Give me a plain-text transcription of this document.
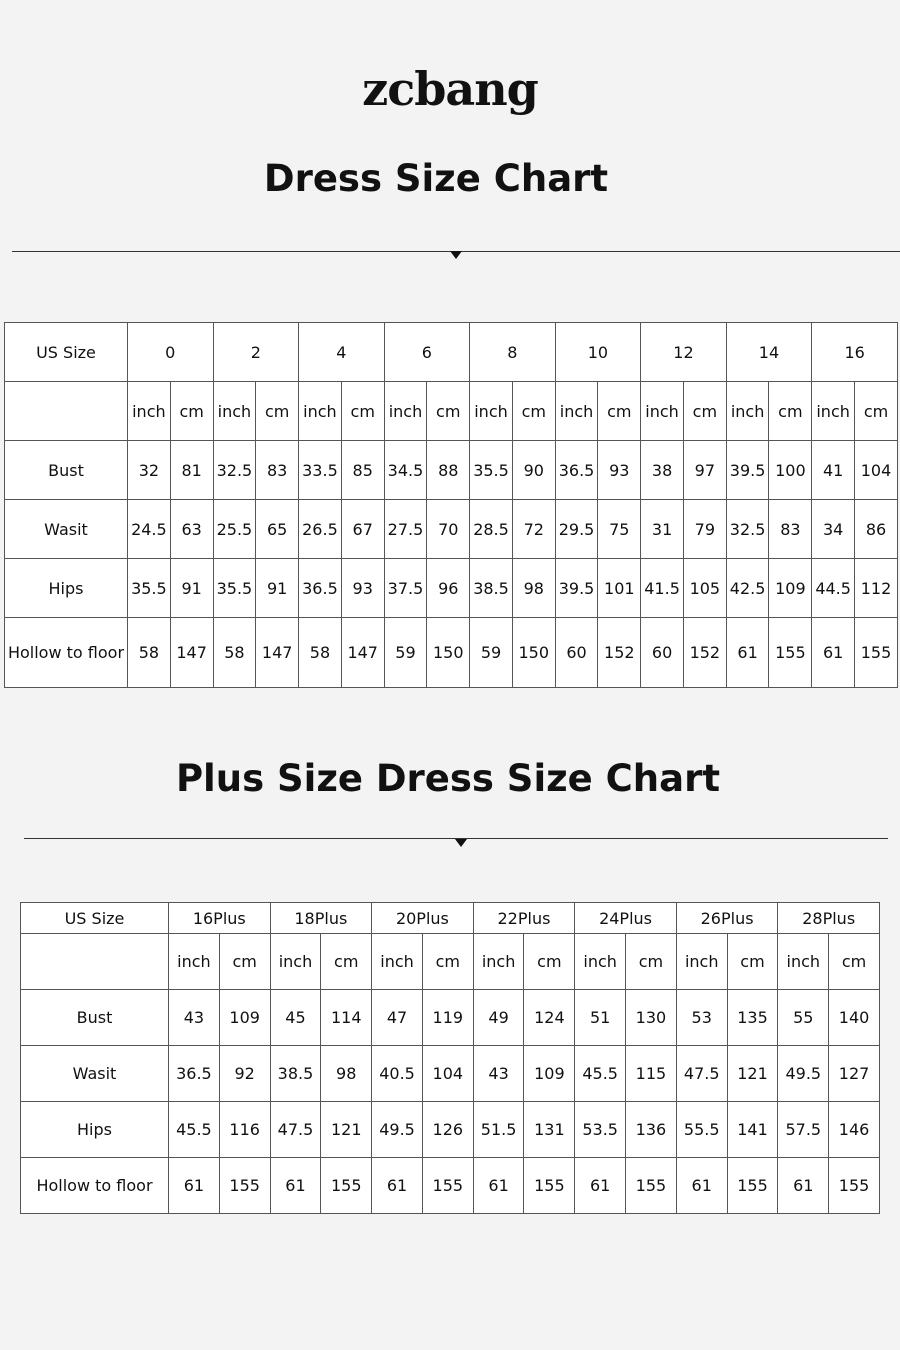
zcbang
Dress Size Chart
US Size	0		2		4		6		8		10		12		14		16	
	inch	cm	inch	cm	inch	cm	inch	cm	inch	cm	inch	cm	inch	cm	inch	cm	inch	cm
Bust	32	81	32.5	83	33.5	85	34.5	88	35.5	90	36.5	93	38	97	39.5	100	41	104
Wasit	24.5	63	25.5	65	26.5	67	27.5	70	28.5	72	29.5	75	31	79	32.5	83	34	86
Hips	35.5	91	35.5	91	36.5	93	37.5	96	38.5	98	39.5	101	41.5	105	42.5	109	44.5	112
Hollow to floor	58	147	58	147	58	147	59	150	59	150	60	152	60	152	61	155	61	155
Plus Size Dress Size Chart
US Size	16Plus		18Plus		20Plus		22Plus		24Plus		26Plus		28Plus	
	inch	cm	inch	cm	inch	cm	inch	cm	inch	cm	inch	cm	inch	cm
Bust	43	109	45	114	47	119	49	124	51	130	53	135	55	140
Wasit	36.5	92	38.5	98	40.5	104	43	109	45.5	115	47.5	121	49.5	127
Hips	45.5	116	47.5	121	49.5	126	51.5	131	53.5	136	55.5	141	57.5	146
Hollow to floor	61	155	61	155	61	155	61	155	61	155	61	155	61	155
